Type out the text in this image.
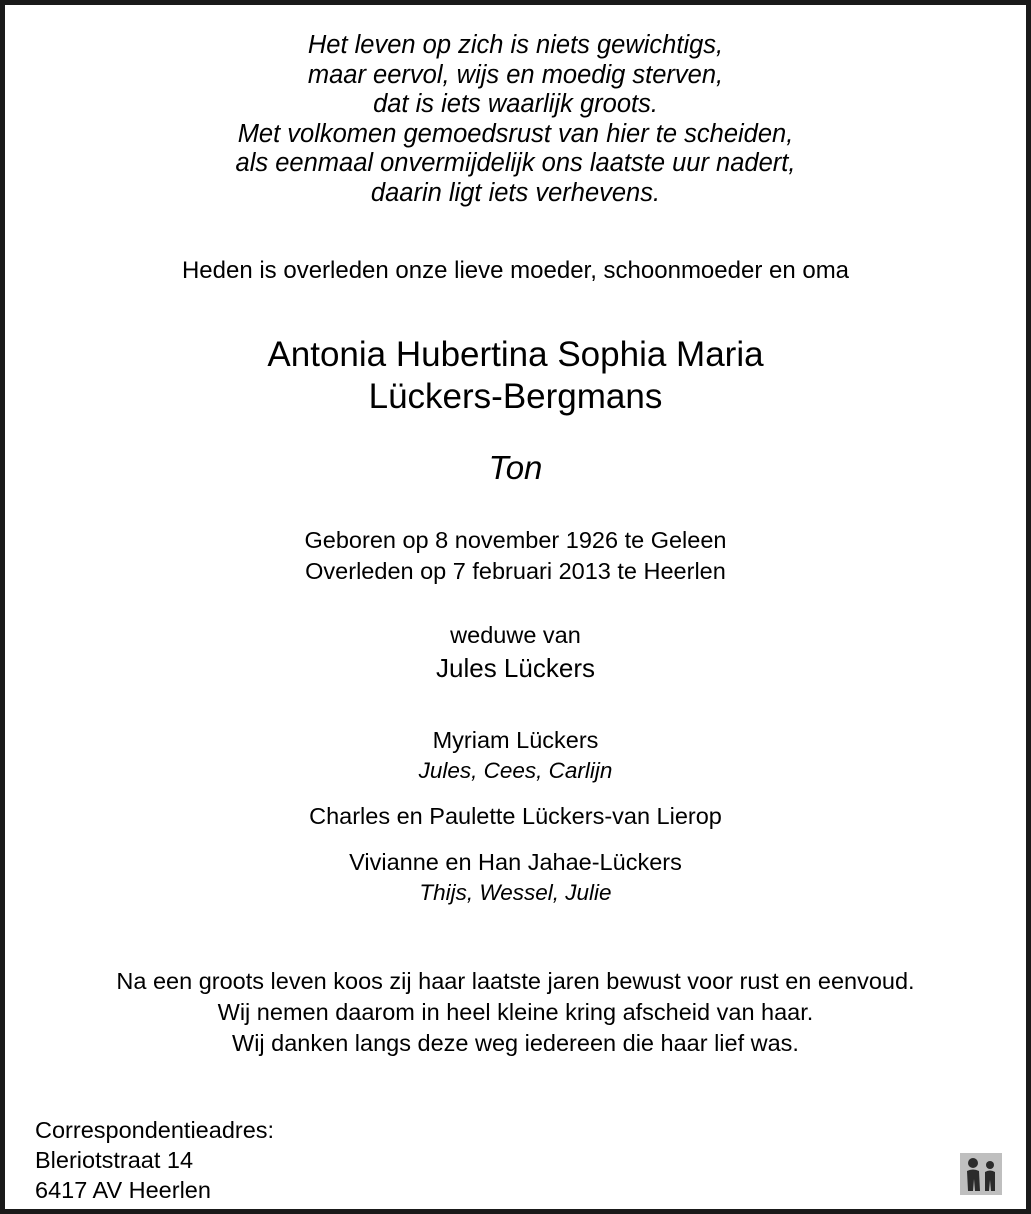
Het leven op zich is niets gewichtigs,
maar eervol, wijs en moedig sterven,
dat is iets waarlijk groots.
Met volkomen gemoedsrust van hier te scheiden,
als eenmaal onvermijdelijk ons laatste uur nadert,
daarin ligt iets verhevens.
Heden is overleden onze lieve moeder, schoonmoeder en oma
Antonia Hubertina Sophia Maria
Lückers-Bergmans
Ton
Geboren op 8 november 1926 te Geleen
Overleden op 7 februari 2013 te Heerlen
weduwe van
Jules Lückers
Myriam Lückers
Jules, Cees, Carlijn
Charles en Paulette Lückers-van Lierop
Vivianne en Han Jahae-Lückers
Thijs, Wessel, Julie
Na een groots leven koos zij haar laatste jaren bewust voor rust en eenvoud.
Wij nemen daarom in heel kleine kring afscheid van haar.
Wij danken langs deze weg iedereen die haar lief was.
Correspondentieadres:
Bleriotstraat 14
6417 AV Heerlen
